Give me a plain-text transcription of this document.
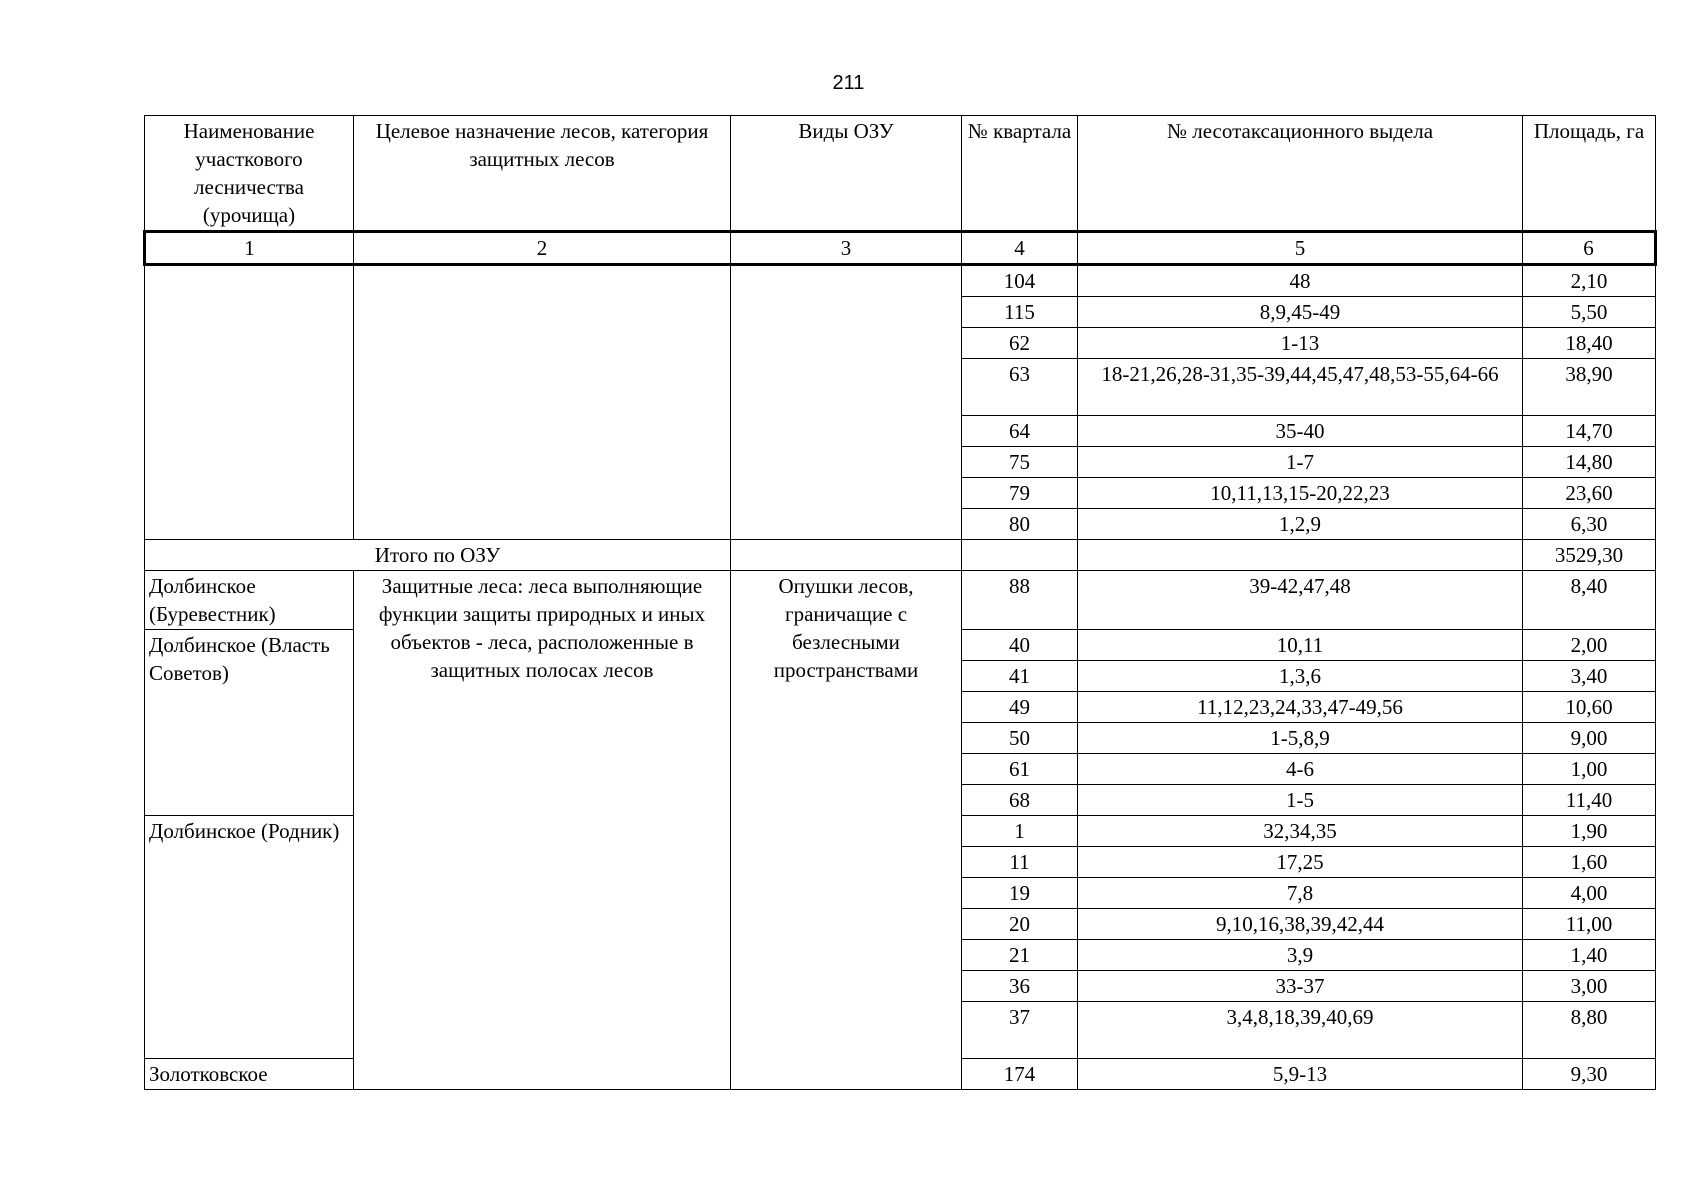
211
Наименование участкового лесничества (урочища)	Целевое назначение лесов, категория защитных лесов	Виды ОЗУ	№ квартала	№ лесотаксационного выдела	Площадь, га
1	2	3	4	5	6
			104	48	2,10
			115	8,9,45-49	5,50
			62	1-13	18,40
			63	18-21,26,28-31,35-39,44,45,47,48,53-55,64-66	38,90
			64	35-40	14,70
			75	1-7	14,80
			79	10,11,13,15-20,22,23	23,60
			80	1,2,9	6,30
Итого по ОЗУ					3529,30
Долбинское (Буревестник)	Защитные леса: леса выполняющие функции защиты природных и иных объектов - леса, расположенные в защитных полосах лесов	Опушки лесов, граничащие с безлесными пространствами	88	39-42,47,48	8,40
Долбинское (Власть Советов)			40	10,11	2,00
			41	1,3,6	3,40
			49	11,12,23,24,33,47-49,56	10,60
			50	1-5,8,9	9,00
			61	4-6	1,00
			68	1-5	11,40
Долбинское (Родник)			1	32,34,35	1,90
			11	17,25	1,60
			19	7,8	4,00
			20	9,10,16,38,39,42,44	11,00
			21	3,9	1,40
			36	33-37	3,00
			37	3,4,8,18,39,40,69	8,80
Золотковское			174	5,9-13	9,30
